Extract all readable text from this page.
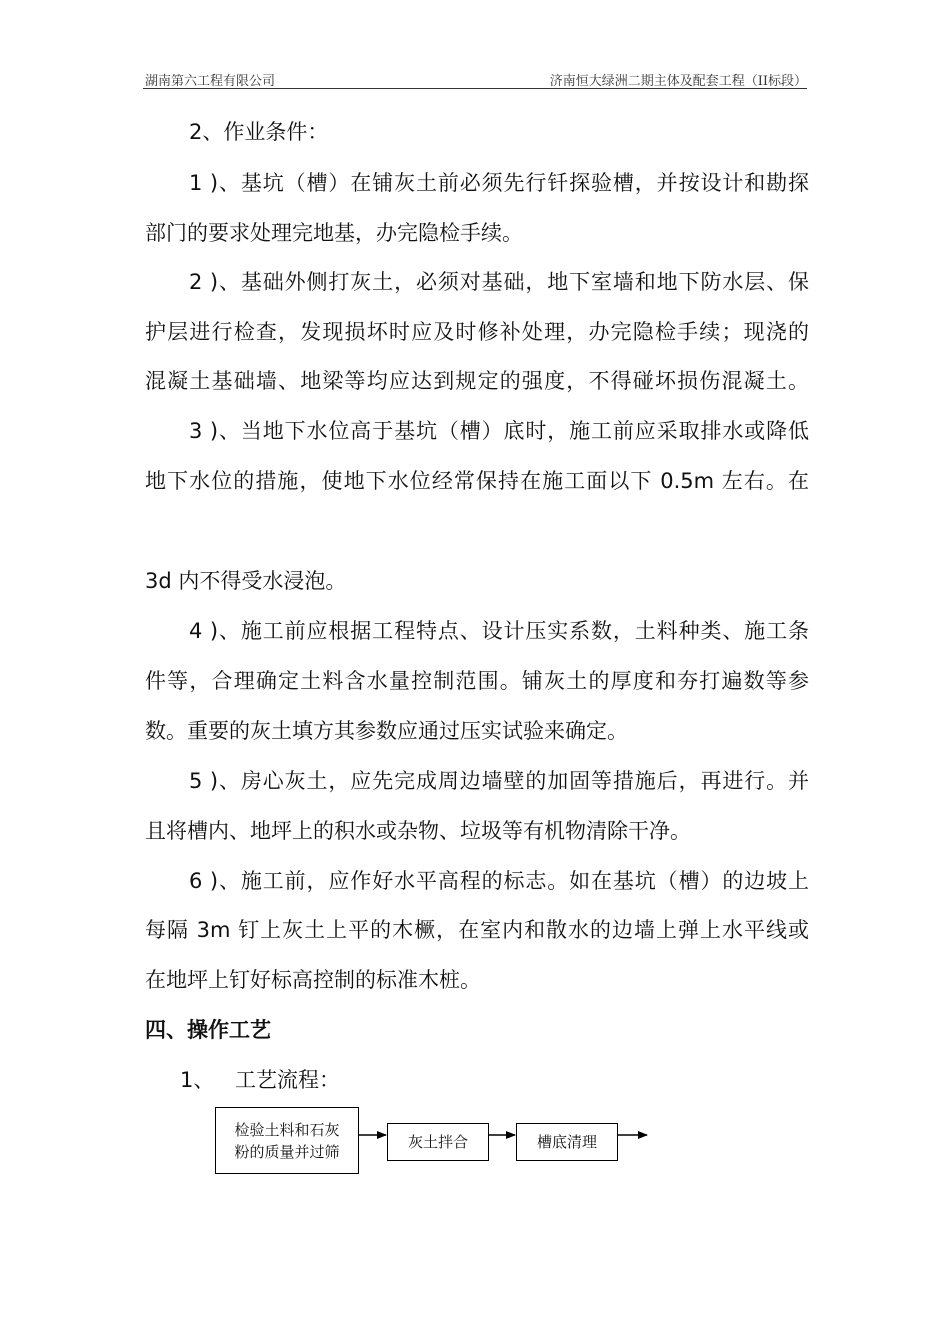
湖南第六工程有限公司	济南恒大绿洲二期主体及配套工程（II标段）
2、作业条件：
1 )、基坑（槽）在铺灰土前必须先行钎探验槽，并按设计和勘探
部门的要求处理完地基，办完隐检手续。
2 )、基础外侧打灰土，必须对基础，地下室墙和地下防水层、保
护层进行检查，发现损坏时应及时修补处理，办完隐检手续；现浇的
混凝土基础墙、地梁等均应达到规定的强度，不得碰坏损伤混凝土。
3 )、当地下水位高于基坑（槽）底时，施工前应采取排水或降低
地下水位的措施，使地下水位经常保持在施工面以下 0.5m 左右。在
3d 内不得受水浸泡。
4 )、施工前应根据工程特点、设计压实系数，土料种类、施工条
件等，合理确定土料含水量控制范围。铺灰土的厚度和夯打遍数等参
数。重要的灰土填方其参数应通过压实试验来确定。
5 )、房心灰土，应先完成周边墙壁的加固等措施后，再进行。并
且将槽内、地坪上的积水或杂物、垃圾等有机物清除干净。
6 )、施工前，应作好水平高程的标志。如在基坑（槽）的边坡上
每隔 3m 钉上灰土上平的木橛，在室内和散水的边墙上弹上水平线或
在地坪上钉好标高控制的标准木桩。
四、操作工艺
1、 工艺流程：
检验土料和石灰
粉的质量并过筛
灰土拌合	槽底清理
